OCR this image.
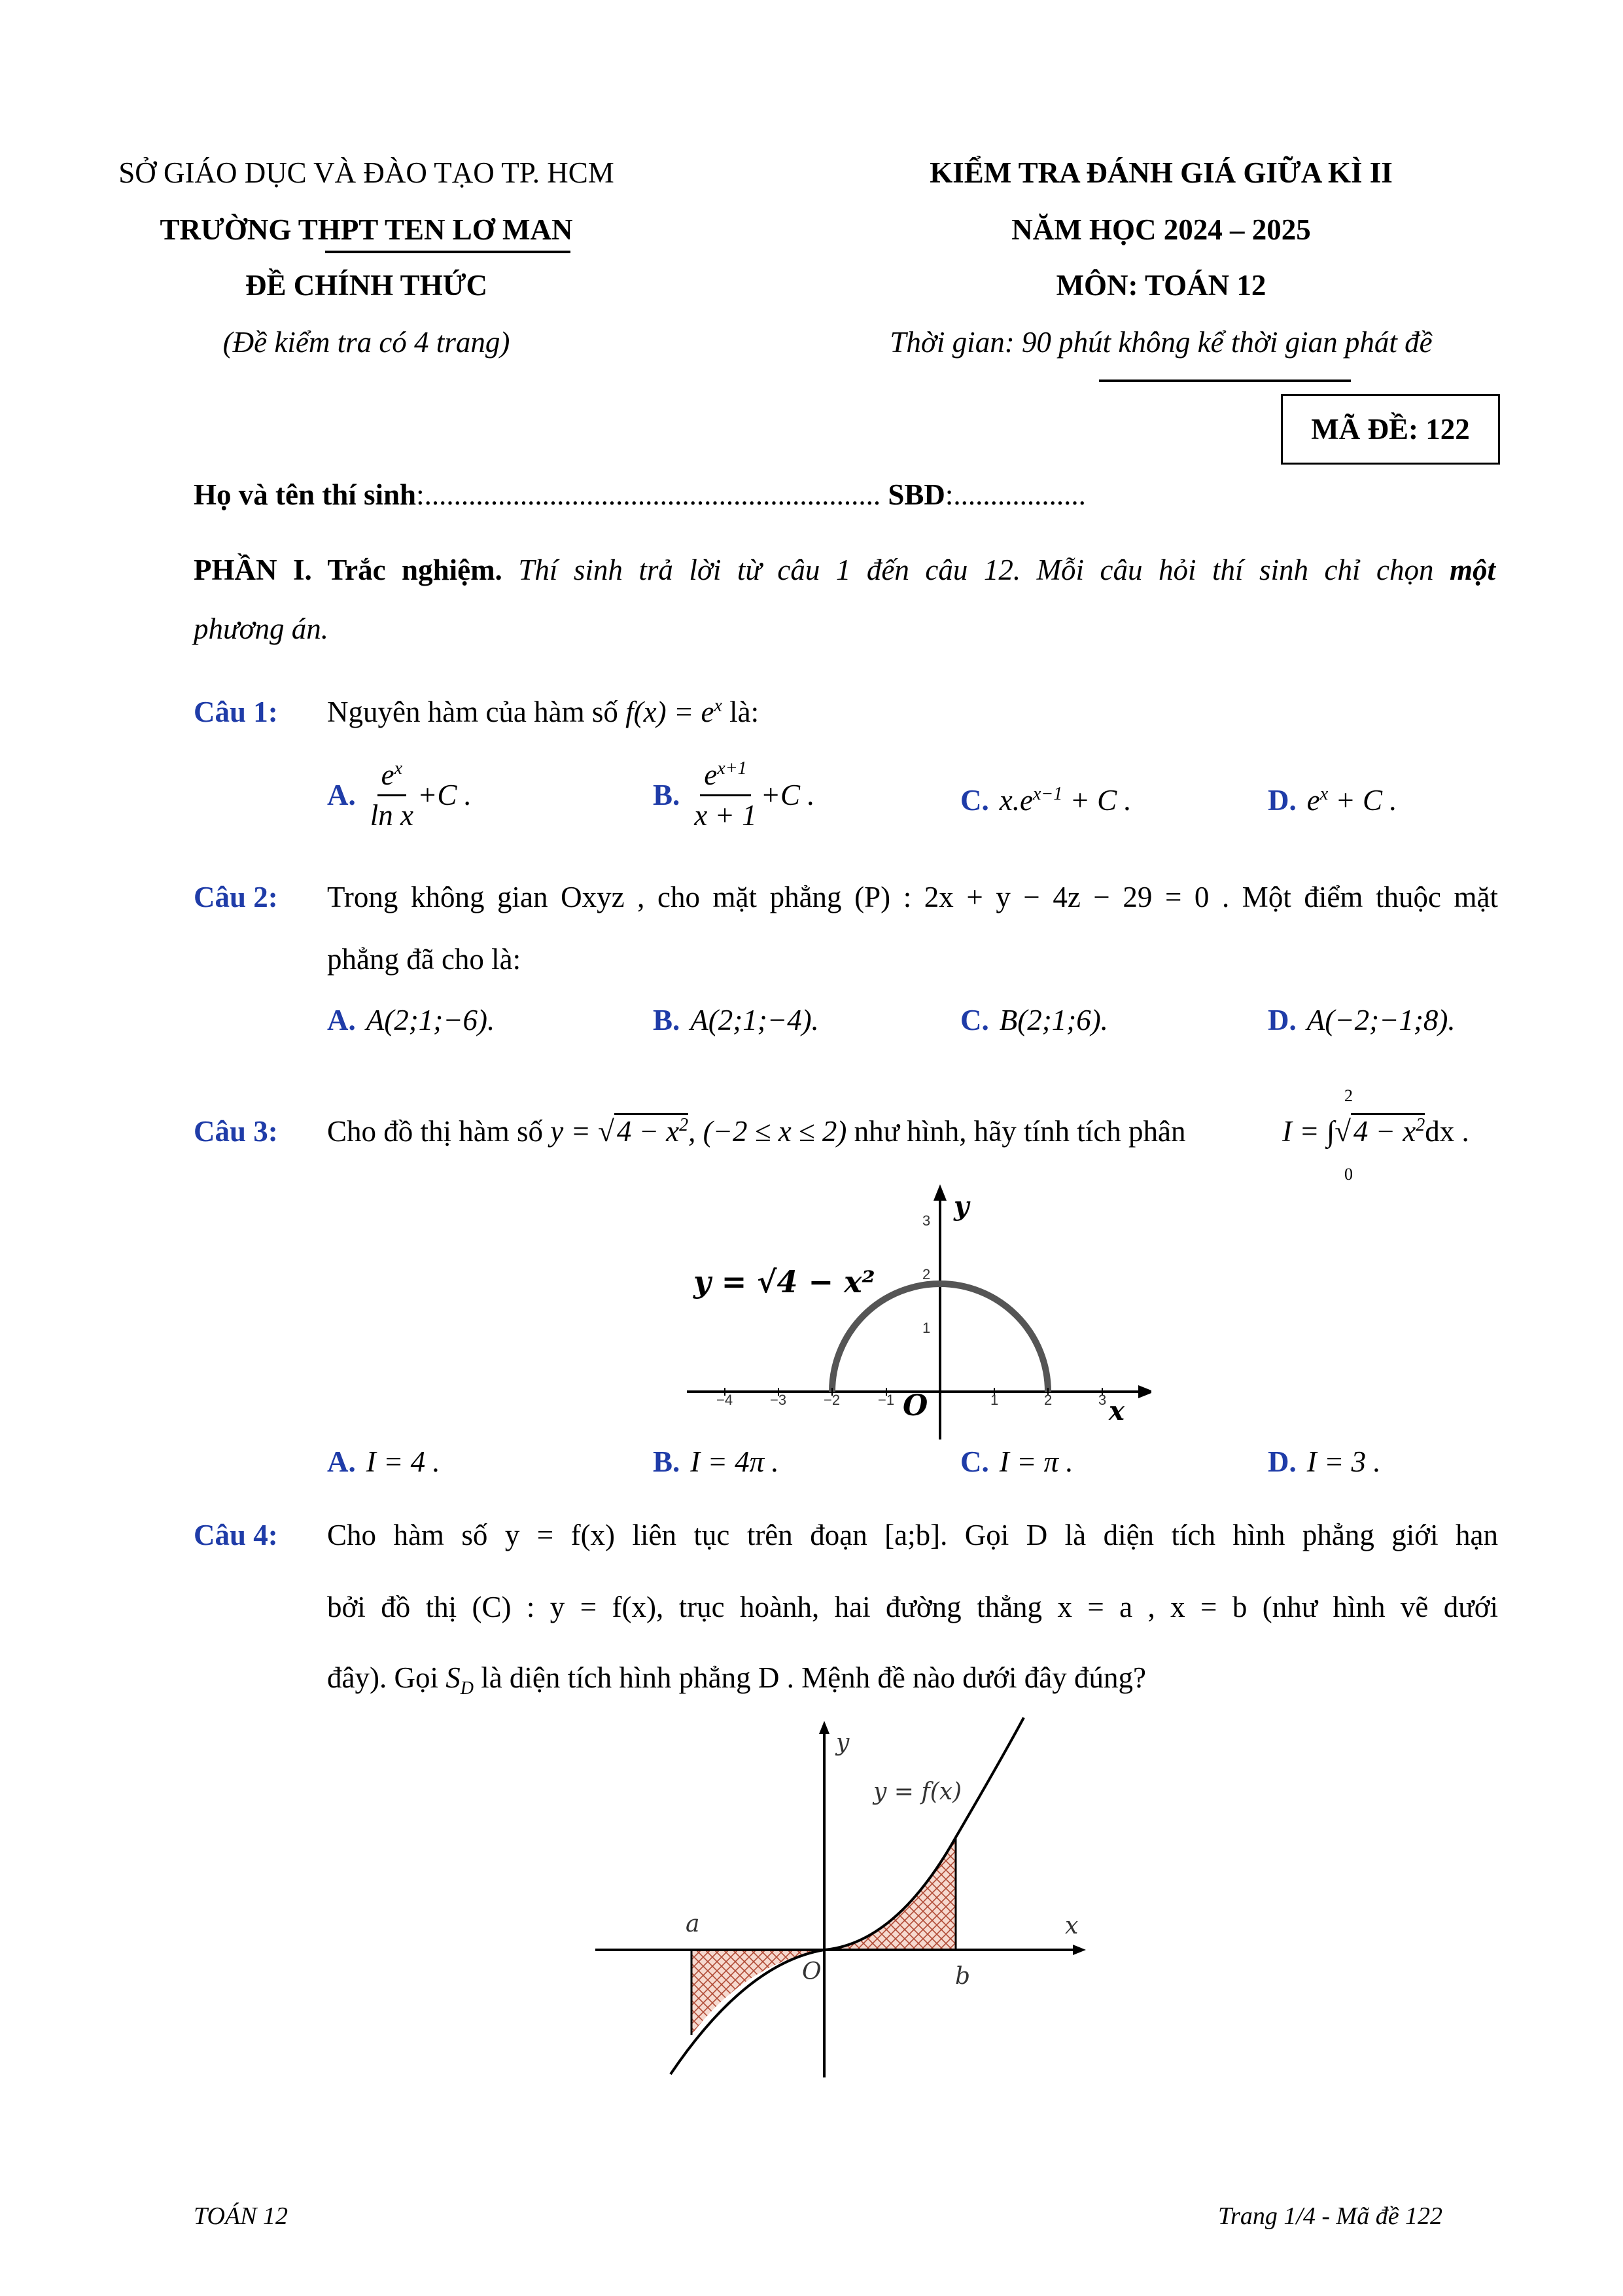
SỞ GIÁO DỤC VÀ ĐÀO TẠO TP. HCM
TRƯỜNG THPT TEN LƠ MAN
ĐỀ CHÍNH THỨC
(Đề kiểm tra có 4 trang)
KIỂM TRA ĐÁNH GIÁ GIỮA KÌ II
NĂM HỌC 2024 – 2025
MÔN: TOÁN 12
Thời gian: 90 phút không kể thời gian phát đề
MÃ ĐỀ: 122
Họ và tên thí sinh:.............................................................. SBD:..................
PHẦN I. Trắc nghiệm. Thí sinh trả lời từ câu 1 đến câu 12. Mỗi câu hỏi thí sinh chỉ chọn một
phương án.
Câu 1: Nguyên hàm của hàm số $f(x) = e^x$ là:
A. $\frac{e^x}{\text{ln x}} +C$ .	B. $\frac{e^{x+1}}{x + 1} +C$ .	C. $x.e^{x-1} + C$ .	D. $e^x + C$ .
Câu 2: Trong không gian Oxyz , cho mặt phẳng (P) : 2x + y − 4z − 29 = 0 . Một điểm thuộc mặt
phẳng đã cho là:
A. A(2;1;−6).	B. A(2;1;−4).	C. B(2;1;6).	D. A(−2;−1;8).
Câu 3: Cho đồ thị hàm số $y = √4 - x^2$, (−2 ≤ x ≤ 2) như hình, hãy tính tích phân	$I = \int√4 - x^2dx$ .
2
0
−4	−3	−2	−1	1	2	3
1
2
3
O	x
y
y = √4 − x²
A. I = 4 .	B. I = 4π .	C. I = π .	D. I = 3 .
Câu 4: Cho hàm số y = f(x) liên tục trên đoạn [a;b]. Gọi D là diện tích hình phẳng giới hạn
bởi đồ thị (C) : y = f(x), trục hoành, hai đường thẳng x = a , x = b (như hình vẽ dưới
đây). Gọi $S_D$ là diện tích hình phẳng D . Mệnh đề nào dưới đây đúng?
a
b
O
x
y
y = f(x)
TOÁN 12	Trang 1/4 - Mã đề 122
